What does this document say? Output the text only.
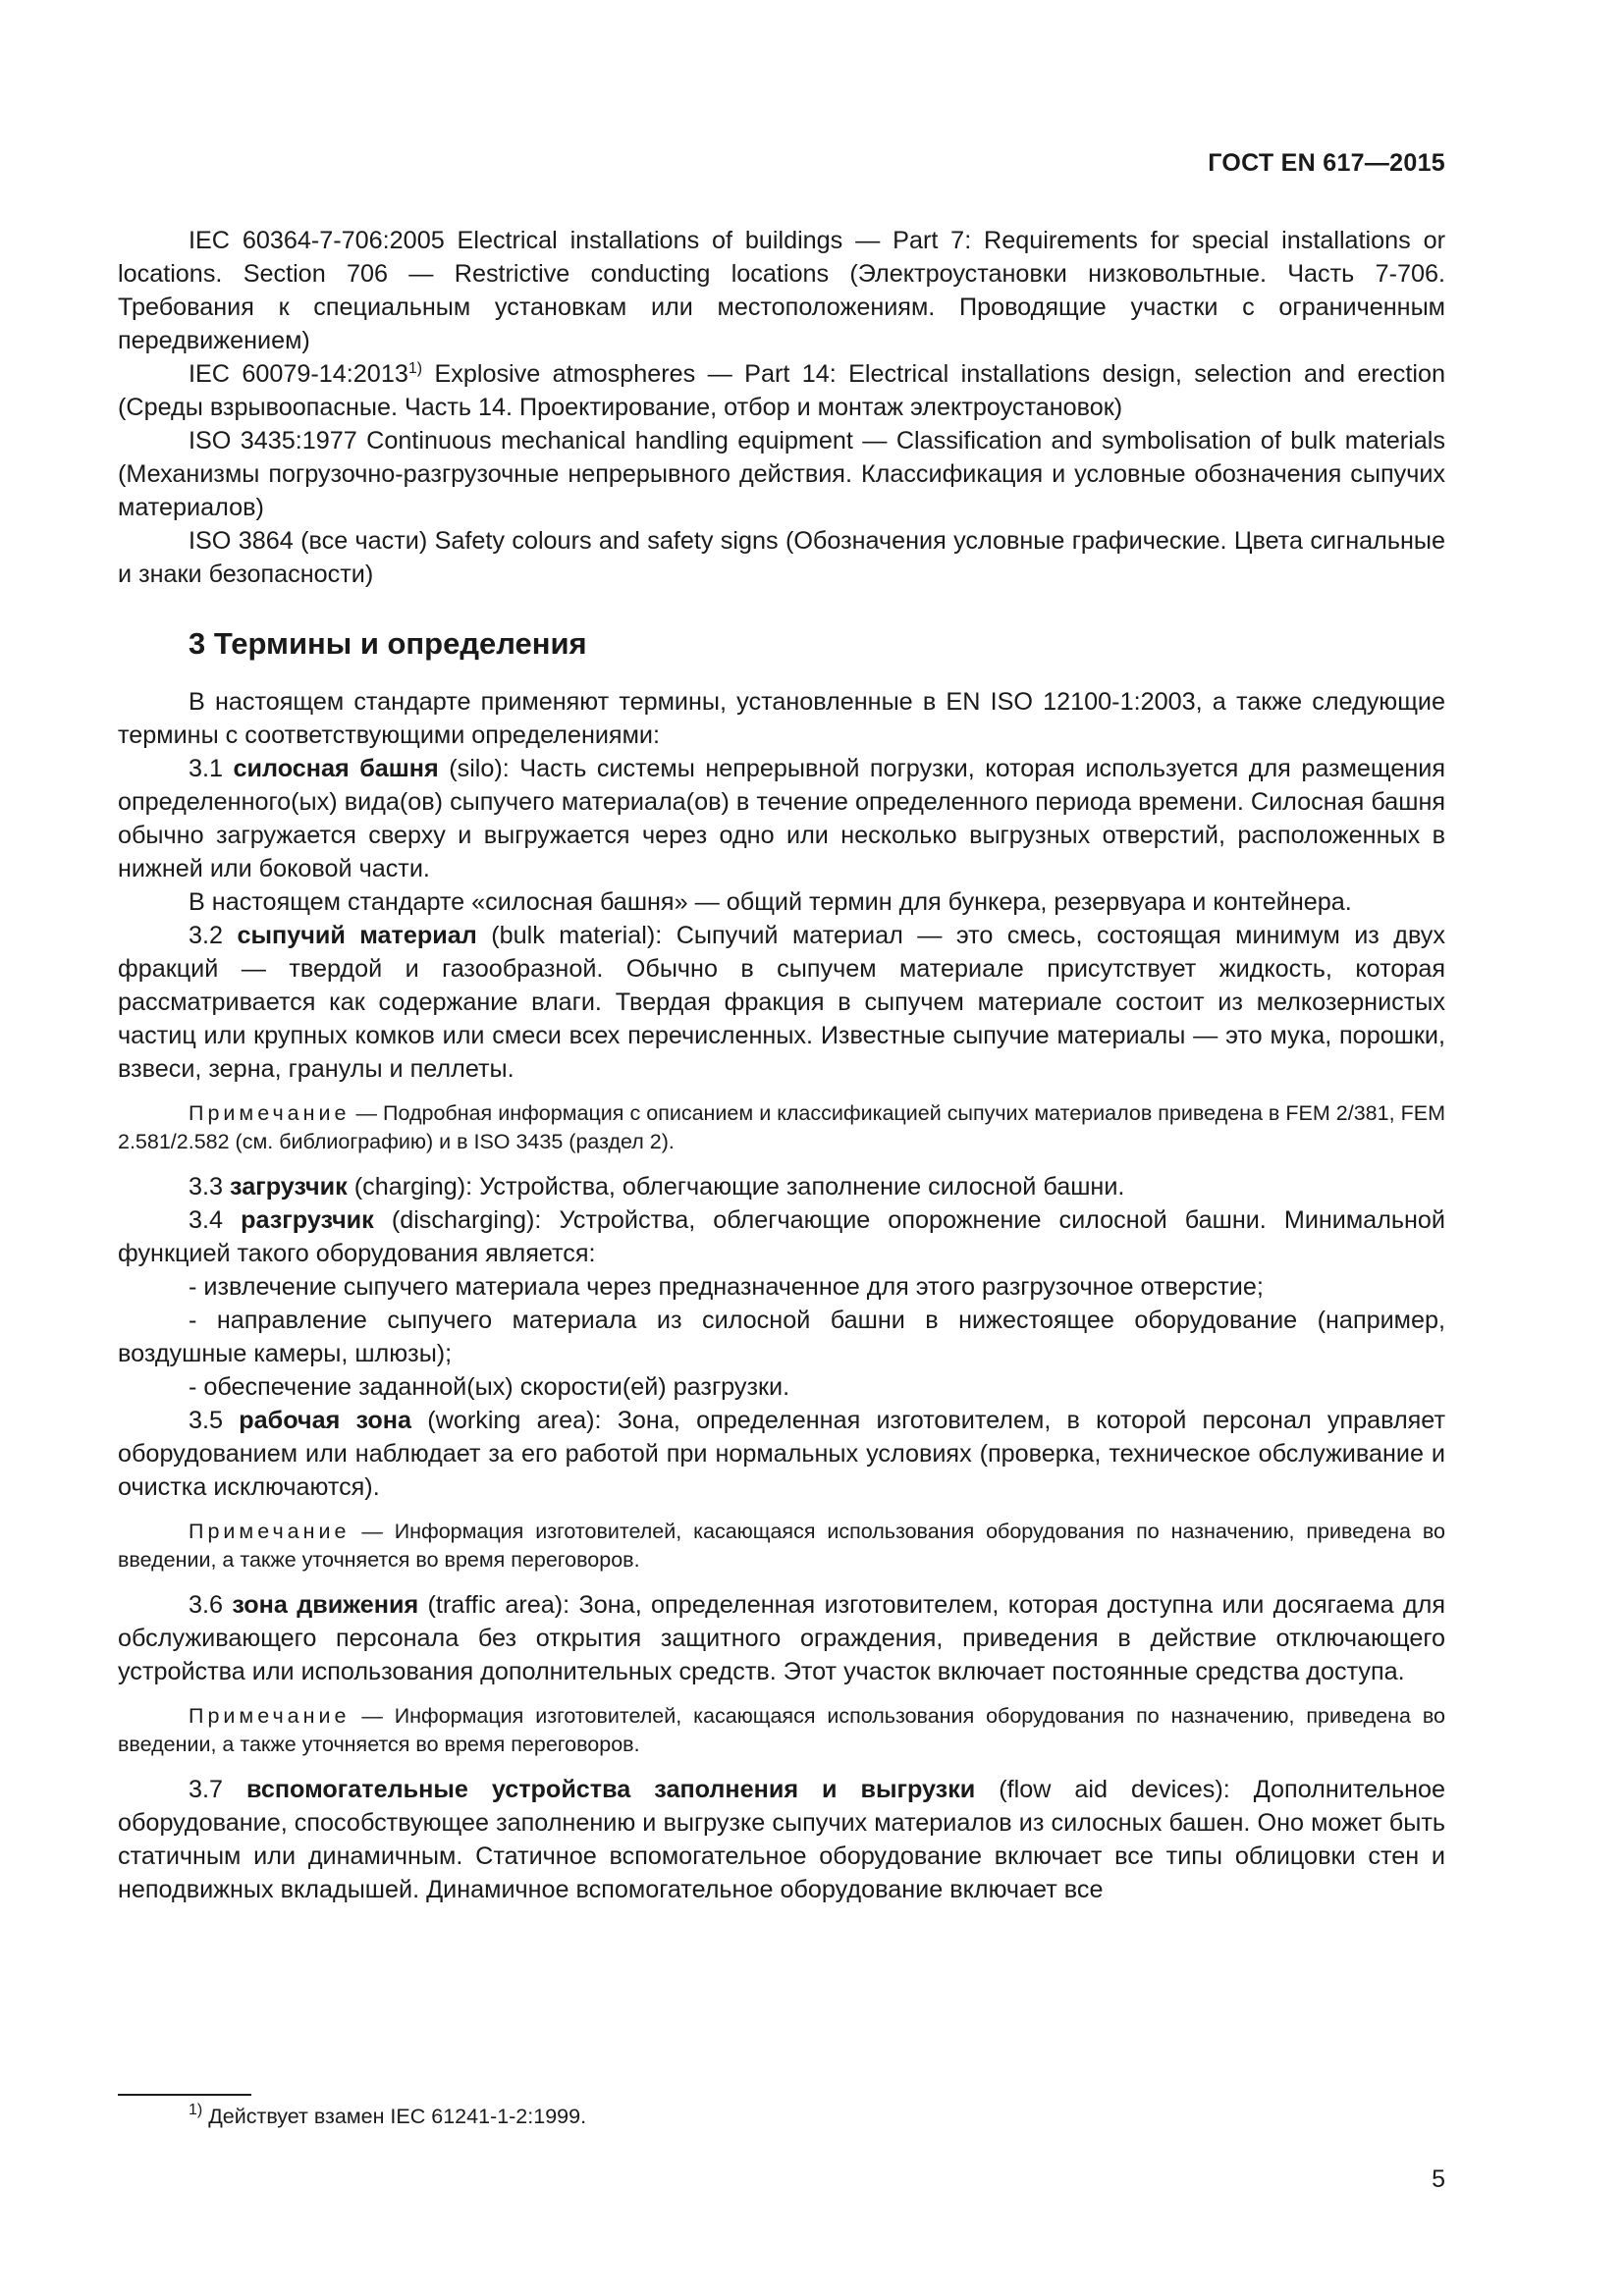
ГОСТ EN 617—2015

IEC 60364-7-706:2005 Electrical installations of buildings — Part 7: Requirements for special installations or locations. Section 706 — Restrictive conducting locations (Электроустановки низковольтные. Часть 7-706. Требования к специальным установкам или местоположениям. Проводящие участки с ограниченным передвижением)

IEC 60079-14:2013$^{1)}$ Explosive atmospheres — Part 14: Electrical installations design, selection and erection (Среды взрывоопасные. Часть 14. Проектирование, отбор и монтаж электроустановок)

ISO 3435:1977 Continuous mechanical handling equipment — Classification and symbolisation of bulk materials (Механизмы погрузочно-разгрузочные непрерывного действия. Классификация и условные обозначения сыпучих материалов)

ISO 3864 (все части) Safety colours and safety signs (Обозначения условные графические. Цвета сигнальные и знаки безопасности)

3 Термины и определения

В настоящем стандарте применяют термины, установленные в EN ISO 12100-1:2003, а также следующие термины с соответствующими определениями:

3.1 силосная башня (silo): Часть системы непрерывной погрузки, которая используется для размещения определенного(ых) вида(ов) сыпучего материала(ов) в течение определенного периода времени. Силосная башня обычно загружается сверху и выгружается через одно или несколько выгрузных отверстий, расположенных в нижней или боковой части.

В настоящем стандарте «силосная башня» — общий термин для бункера, резервуара и контейнера.

3.2 сыпучий материал (bulk material): Сыпучий материал — это смесь, состоящая минимум из двух фракций — твердой и газообразной. Обычно в сыпучем материале присутствует жидкость, которая рассматривается как содержание влаги. Твердая фракция в сыпучем материале состоит из мелкозернистых частиц или крупных комков или смеси всех перечисленных. Известные сыпучие материалы — это мука, порошки, взвеси, зерна, гранулы и пеллеты.

Примечание — Подробная информация с описанием и классификацией сыпучих материалов приведена в FEM 2/381, FEM 2.581/2.582 (см. библиографию) и в ISO 3435 (раздел 2).

3.3 загрузчик (charging): Устройства, облегчающие заполнение силосной башни.

3.4 разгрузчик (discharging): Устройства, облегчающие опорожнение силосной башни. Минимальной функцией такого оборудования является:

- извлечение сыпучего материала через предназначенное для этого разгрузочное отверстие;

- направление сыпучего материала из силосной башни в нижестоящее оборудование (например, воздушные камеры, шлюзы);

- обеспечение заданной(ых) скорости(ей) разгрузки.

3.5 рабочая зона (working area): Зона, определенная изготовителем, в которой персонал управляет оборудованием или наблюдает за его работой при нормальных условиях (проверка, техническое обслуживание и очистка исключаются).

Примечание — Информация изготовителей, касающаяся использования оборудования по назначению, приведена во введении, а также уточняется во время переговоров.

3.6 зона движения (traffic area): Зона, определенная изготовителем, которая доступна или досягаема для обслуживающего персонала без открытия защитного ограждения, приведения в действие отключающего устройства или использования дополнительных средств. Этот участок включает постоянные средства доступа.

Примечание — Информация изготовителей, касающаяся использования оборудования по назначению, приведена во введении, а также уточняется во время переговоров.

3.7 вспомогательные устройства заполнения и выгрузки (flow aid devices): Дополнительное оборудование, способствующее заполнению и выгрузке сыпучих материалов из силосных башен. Оно может быть статичным или динамичным. Статичное вспомогательное оборудование включает все типы облицовки стен и неподвижных вкладышей. Динамичное вспомогательное оборудование включает все

$^{1)}$ Действует взамен IEC 61241-1-2:1999.
5
